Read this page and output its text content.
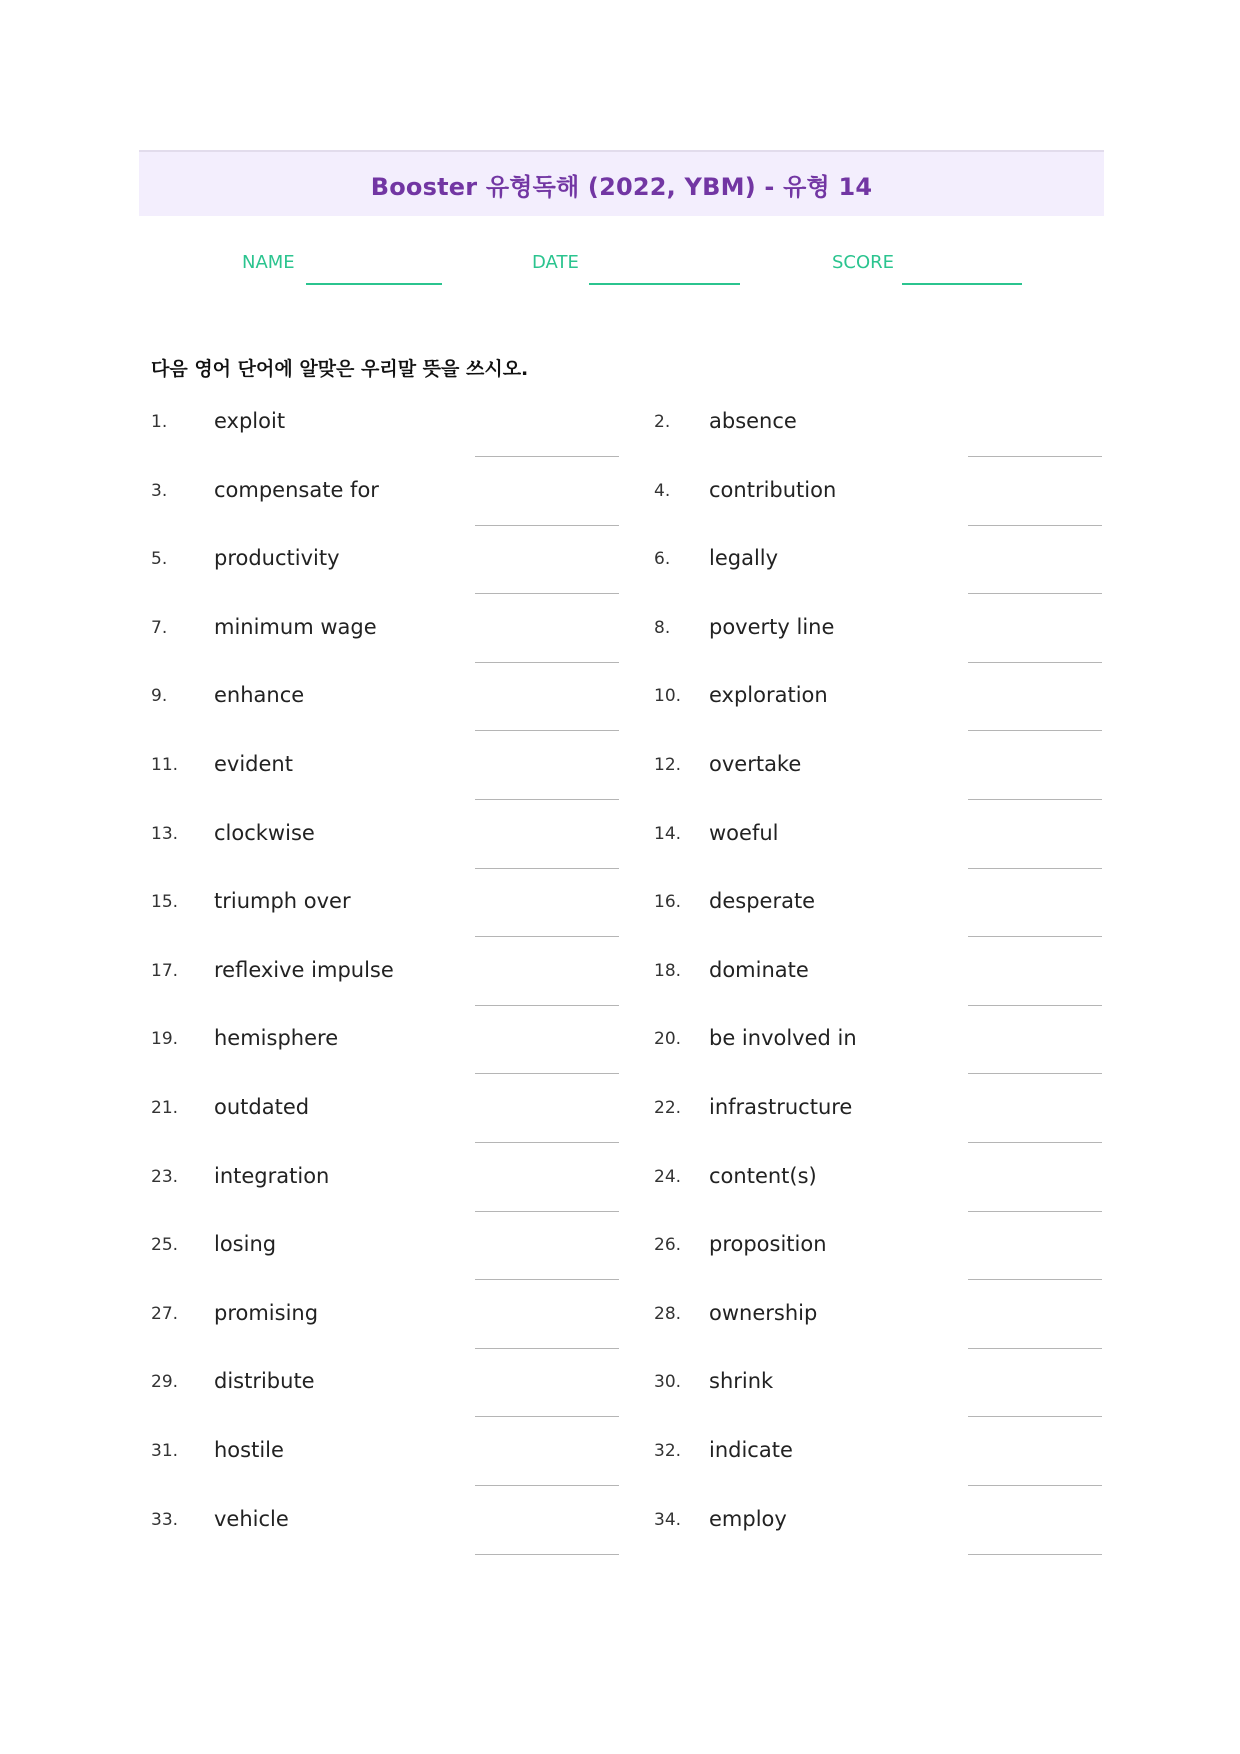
Booster 유형독해 (2022, YBM) - 유형 14
NAME	DATE	SCORE
다음 영어 단어에 알맞은 우리말 뜻을 쓰시오.
1. exploit	2. absence
3. compensate for	4. contribution
5. productivity	6. legally
7. minimum wage	8. poverty line
9. enhance	10. exploration
11. evident	12. overtake
13. clockwise	14. woeful
15. triumph over	16. desperate
17. reflexive impulse	18. dominate
19. hemisphere	20. be involved in
21. outdated	22. infrastructure
23. integration	24. content(s)
25. losing	26. proposition
27. promising	28. ownership
29. distribute	30. shrink
31. hostile	32. indicate
33. vehicle	34. employ
